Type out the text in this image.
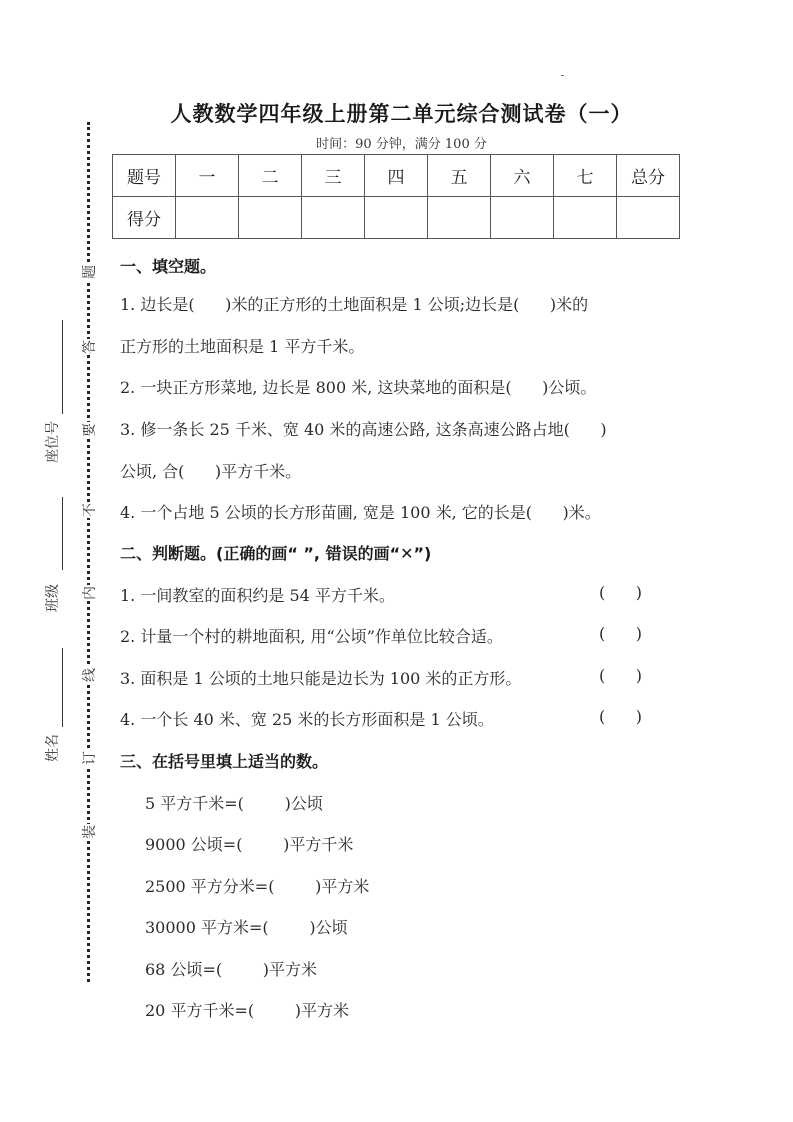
人教数学四年级上册第二单元综合测试卷（一）
时间：90 分钟，满分 100 分
题号	一	二	三	四	五	六	七	总分
得分								
题
答
要
不
内
线
订
装
座位号
班级
姓名
一、填空题。
1. 边长是(      )米的正方形的土地面积是 1 公顷;边长是(      )米的
正方形的土地面积是 1 平方千米。
2. 一块正方形菜地, 边长是 800 米, 这块菜地的面积是(      )公顷。
3. 修一条长 25 千米、宽 40 米的高速公路, 这条高速公路占地(      )
公顷, 合(      )平方千米。
4. 一个占地 5 公顷的长方形苗圃, 宽是 100 米, 它的长是(      )米。
二、判断题。(正确的画“ ”, 错误的画“✕”)
1. 一间教室的面积约是 54 平方千米。	(      )
2. 计量一个村的耕地面积, 用“公顷”作单位比较合适。	(      )
3. 面积是 1 公顷的土地只能是边长为 100 米的正方形。	(      )
4. 一个长 40 米、宽 25 米的长方形面积是 1 公顷。	(      )
三、在括号里填上适当的数。
5 平方千米=(        )公顷
9000 公顷=(        )平方千米
2500 平方分米=(        )平方米
30000 平方米=(        )公顷
68 公顷=(        )平方米
20 平方千米=(        )平方米
